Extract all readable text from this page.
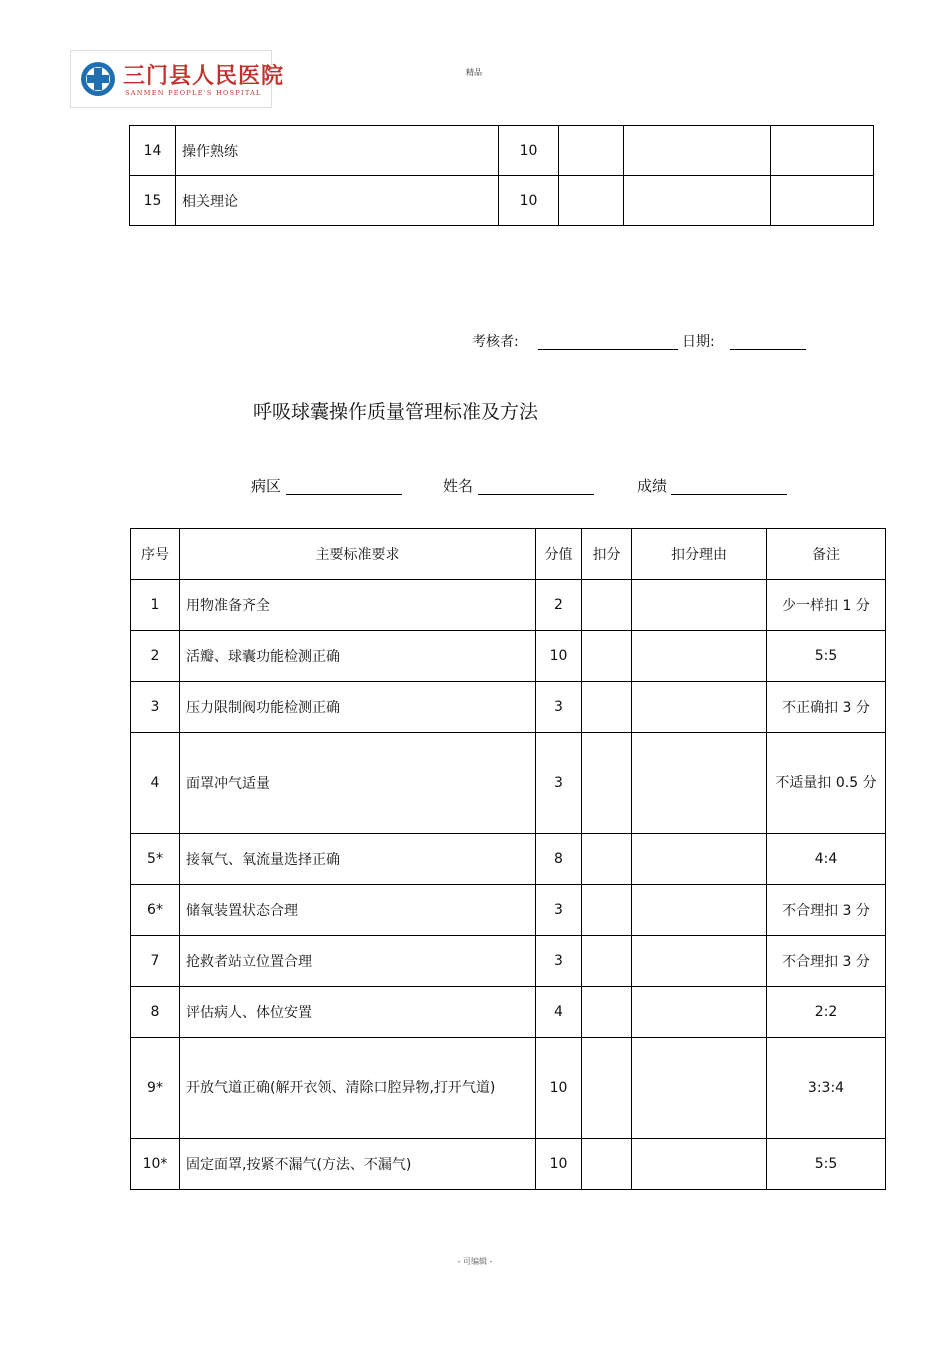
三门县人民医院
SANMEN PEOPLE'S HOSPITAL
精品
14	操作熟练	10			
15	相关理论	10			
考核者:	日期:
呼吸球囊操作质量管理标准及方法
病区	姓名	成绩
序号	主要标准要求	分值	扣分	扣分理由	备注
1	用物准备齐全	2			少一样扣 1 分
2	活瓣、球囊功能检测正确	10			5:5
3	压力限制阀功能检测正确	3			不正确扣 3 分
4	面罩冲气适量	3			不适量扣 0.5 分
5*	接氧气、氧流量选择正确	8			4:4
6*	储氧装置状态合理	3			不合理扣 3 分
7	抢救者站立位置合理	3			不合理扣 3 分
8	评估病人、体位安置	4			2:2
9*	开放气道正确(解开衣领、清除口腔异物,打开气道)	10			3:3:4
10*	固定面罩,按紧不漏气(方法、不漏气)	10			5:5
- 可编辑 -
